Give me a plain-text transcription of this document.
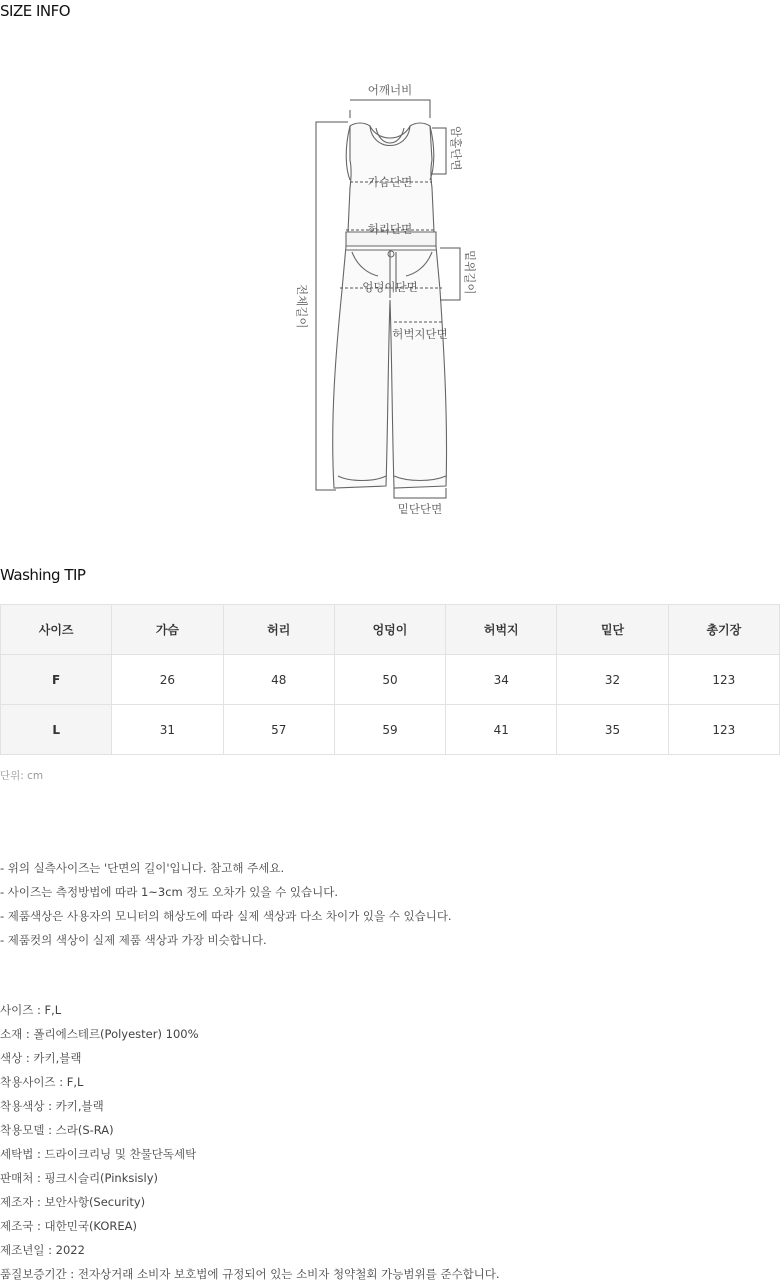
SIZE INFO
어깨너비
암홀단면
가슴단면
허리단면
밑위길이
엉덩이단면
전체길이
허벅지단면
밑단단면
Washing TIP
사이즈	가슴	허리	엉덩이	허벅지	밑단	총기장
F	26	48	50	34	32	123
L	31	57	59	41	35	123
단위: cm
- 위의 실측사이즈는 '단면의 길이'입니다. 참고해 주세요.
- 사이즈는 측정방법에 따라 1~3cm 정도 오차가 있을 수 있습니다.
- 제품색상은 사용자의 모니터의 해상도에 따라 실제 색상과 다소 차이가 있을 수 있습니다.
- 제품컷의 색상이 실제 제품 색상과 가장 비슷합니다.
사이즈 : F,L
소재 : 폴리에스테르(Polyester) 100%
색상 : 카키,블랙
착용사이즈 : F,L
착용색상 : 카키,블랙
착용모델 : 스라(S-RA)
세탁법 : 드라이크리닝 및 찬물단독세탁
판매처 : 핑크시슬리(Pinksisly)
제조자 : 보안사항(Security)
제조국 : 대한민국(KOREA)
제조년일 : 2022
품질보증기간 : 전자상거래 소비자 보호법에 규정되어 있는 소비자 청약철회 가능범위를 준수합니다.
